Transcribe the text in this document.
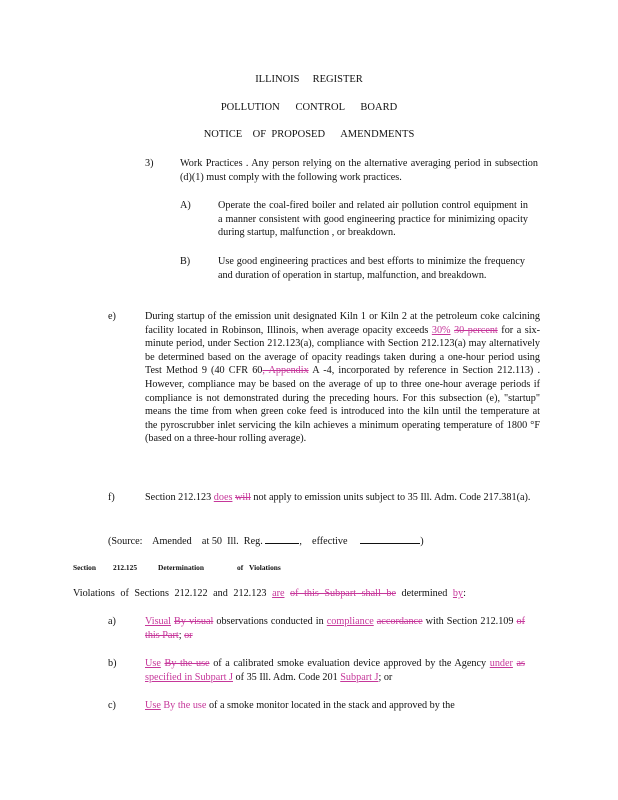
ILLINOIS     REGISTER
POLLUTION      CONTROL      BOARD
NOTICE    OF  PROPOSED      AMENDMENTS
3)	Work Practices . Any person relying on the alternative averaging period in subsection (d)(1) must comply with the following work practices.
A)	Operate the coal-fired boiler and related air pollution control equipment in a manner consistent with good engineering practice for minimizing opacity during startup, malfunction , or breakdown.
B)	Use good engineering practices and best efforts to minimize the frequency and duration of operation in startup, malfunction, and breakdown.
e)	During startup of the emission unit designated Kiln 1 or Kiln 2 at the petroleum coke calcining facility located in Robinson, Illinois, when average opacity exceeds 30% 30 percent for a six-minute period, under Section 212.123(a), compliance with Section 212.123(a) may alternatively be determined based on the average of opacity readings taken during a one-hour period using Test Method 9 (40 CFR 60, Appendix A -4, incorporated by reference in Section 212.113) . However, compliance may be based on the average of up to three one-hour average periods if compliance is not demonstrated during the preceding hours. For this subsection (e), "startup" means the time from when green coke feed is introduced into the kiln until the temperature at the pyroscrubber inlet servicing the kiln achieves a minimum operating temperature of 1800 °F (based on a three-hour rolling average).
f)	Section 212.123 does will not apply to emission units subject to 35 Ill. Adm. Code 217.381(a).
(Source:    Amended    at 50  Ill.  Reg.	,    effective	)
Section 212.125	Determination	of Violations
Violations of Sections 212.122 and 212.123 are of this Subpart shall be determined by:
a)	Visual By visual observations conducted in compliance accordance with Section 212.109 of this Part; or
b)	Use By the use of a calibrated smoke evaluation device approved by the Agency under as specified in Subpart J of 35 Ill. Adm. Code 201 Subpart J; or
c)	Use By the use of a smoke monitor located in the stack and approved by the
